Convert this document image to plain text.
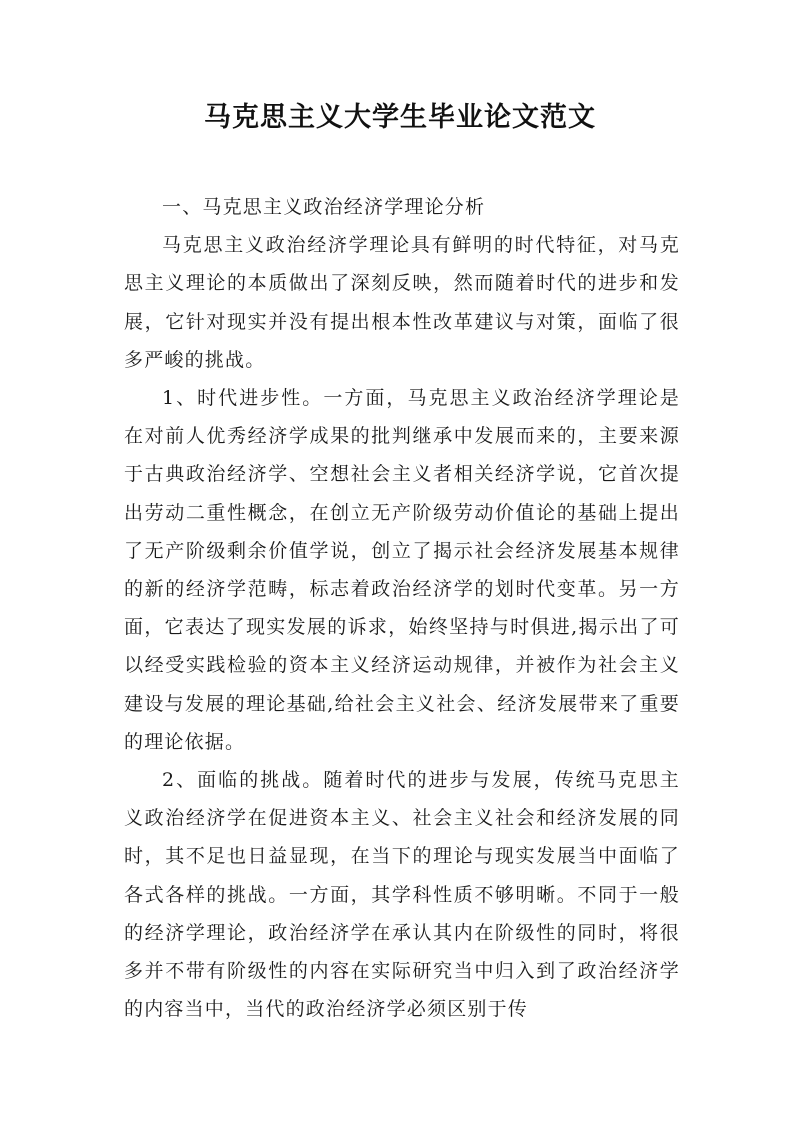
马克思主义大学生毕业论文范文

一、马克思主义政治经济学理论分析

马克思主义政治经济学理论具有鲜明的时代特征，对马克思主义理论的本质做出了深刻反映，然而随着时代的进步和发展，它针对现实并没有提出根本性改革建议与对策，面临了很多严峻的挑战。

1、时代进步性。一方面，马克思主义政治经济学理论是在对前人优秀经济学成果的批判继承中发展而来的，主要来源于古典政治经济学、空想社会主义者相关经济学说，它首次提出劳动二重性概念，在创立无产阶级劳动价值论的基础上提出了无产阶级剩余价值学说，创立了揭示社会经济发展基本规律的新的经济学范畴，标志着政治经济学的划时代变革。另一方面，它表达了现实发展的诉求，始终坚持与时俱进,揭示出了可以经受实践检验的资本主义经济运动规律，并被作为社会主义建设与发展的理论基础,给社会主义社会、经济发展带来了重要的理论依据。

2、面临的挑战。随着时代的进步与发展，传统马克思主义政治经济学在促进资本主义、社会主义社会和经济发展的同时，其不足也日益显现，在当下的理论与现实发展当中面临了各式各样的挑战。一方面，其学科性质不够明晰。不同于一般的经济学理论，政治经济学在承认其内在阶级性的同时，将很多并不带有阶级性的内容在实际研究当中归入到了政治经济学的内容当中，当代的政治经济学必须区别于传
